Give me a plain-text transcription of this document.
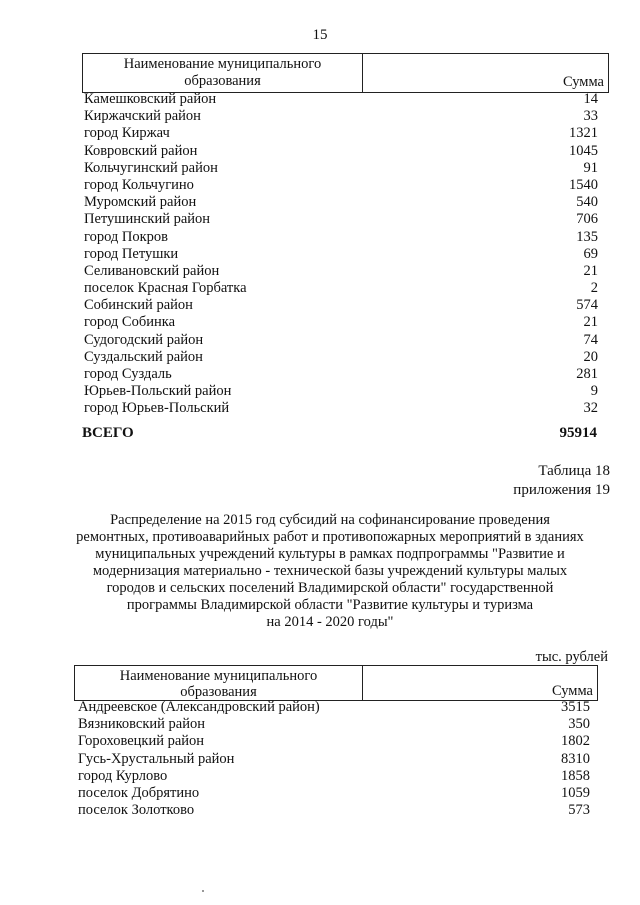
15
Наименование муниципального
образования	Сумма
Камешковский район	14
Киржачский район	33
город Киржач	1321
Ковровский район	1045
Кольчугинский район	91
город Кольчугино	1540
Муромский район	540
Петушинский район	706
город Покров	135
город Петушки	69
Селивановский район	21
поселок Красная Горбатка	2
Собинский район	574
город Собинка	21
Судогодский район	74
Суздальский район	20
город Суздаль	281
Юрьев-Польский район	9
город Юрьев-Польский	32
ВСЕГО	95914
Таблица 18
приложения 19
Распределение на 2015 год субсидий на софинансирование проведения
ремонтных, противоаварийных работ и противопожарных мероприятий в зданиях
муниципальных учреждений культуры в рамках подпрограммы "Развитие и
модернизация материально - технической базы учреждений культуры малых
городов и сельских поселений Владимирской области" государственной
программы Владимирской области "Развитие культуры и туризма
на 2014 - 2020 годы"
тыс. рублей
Наименование муниципального
образования	Сумма
Андреевское (Александровский район)	3515
Вязниковский район	350
Гороховецкий район	1802
Гусь-Хрустальный район	8310
город Курлово	1858
поселок Добрятино	1059
поселок Золотково	573
